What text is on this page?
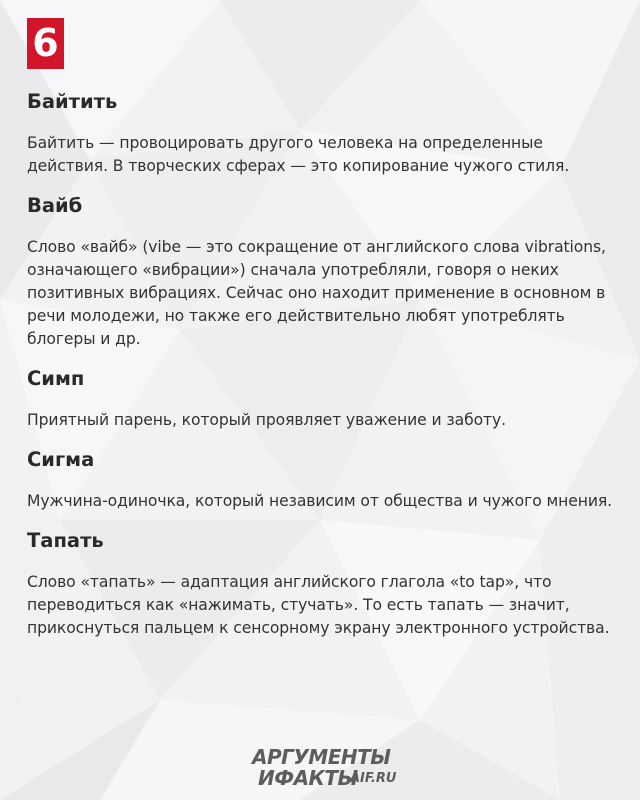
6
Байтить

Байтить — провоцировать другого человека на определенные действия. В творческих сферах — это копирование чужого стиля.

Вайб

Слово «вайб» (vibe — это сокращение от английского слова vibrations, означающего «вибрации») сначала употребляли, говоря о неких позитивных вибрациях. Сейчас оно находит применение в основном в речи молодежи, но также его действительно любят употреблять блогеры и др.

Симп

Приятный парень, который проявляет уважение и заботу.

Сигма

Мужчина-одиночка, который независим от общества и чужого мнения.

Тапать

Слово «тапать» — адаптация английского глагола «to tap», что переводиться как «нажимать, стучать». То есть тапать — значит, прикоснуться пальцем к сенсорному экрану электронного устройства.

АРГУМЕНТЫ
ИФАКТЫ
AIF.RU
